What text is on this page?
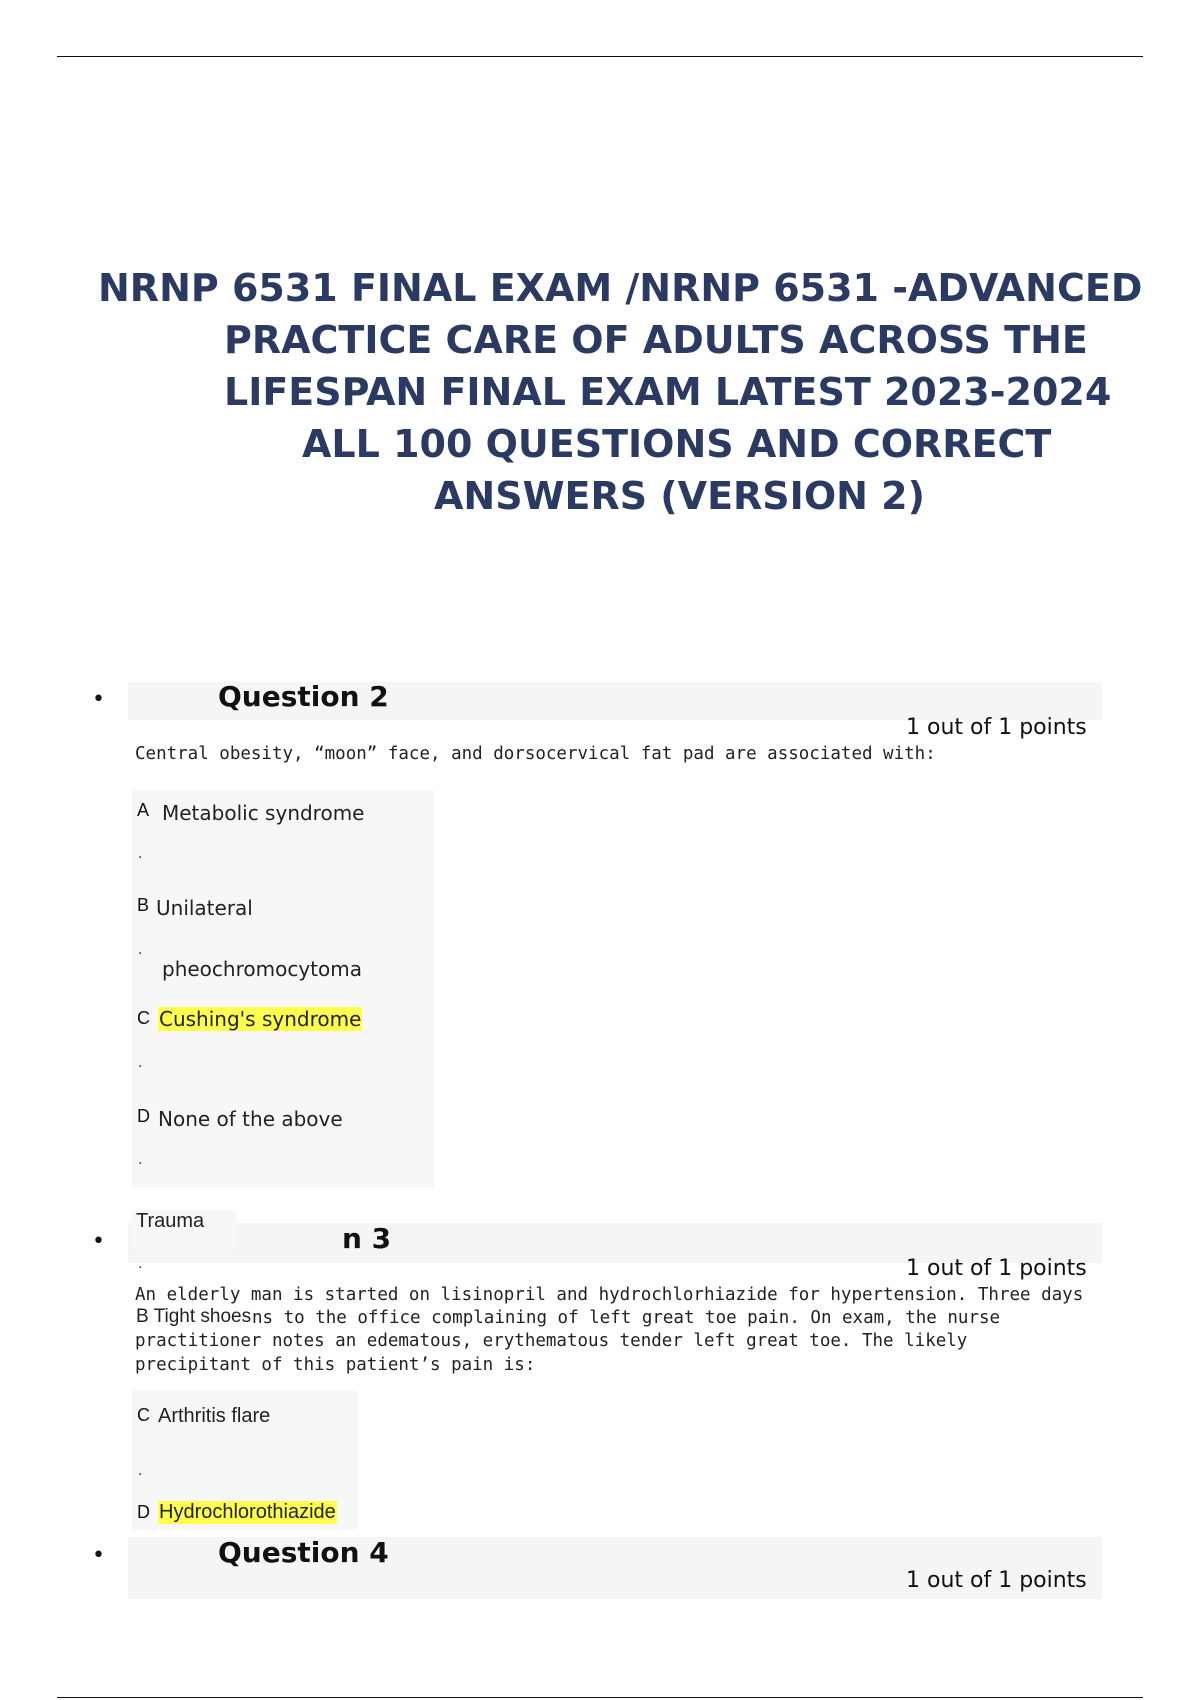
NRNP 6531 FINAL EXAM /NRNP 6531 -ADVANCED
PRACTICE CARE OF ADULTS ACROSS THE
LIFESPAN FINAL EXAM LATEST 2023-2024
ALL 100 QUESTIONS AND CORRECT
ANSWERS (VERSION 2)
•	Question 2
1 out of 1 points
Central obesity, “moon” face, and dorsocervical fat pad are associated with:
A Metabolic syndrome
.
B Unilateral
.
pheochromocytoma
C Cushing's syndrome
.
D None of the above
.
•
Trauma
n 3
.	1 out of 1 points
An elderly man is started on lisinopril and hydrochlorhiazide for hypertension. Three days
ns to the office complaining of left great toe pain. On exam, the nurse
B Tight shoes
practitioner notes an edematous, erythematous tender left great toe. The likely
precipitant of this patient’s pain is:
C Arthritis flare
.
D Hydrochlorothiazide
•	Question 4
1 out of 1 points
